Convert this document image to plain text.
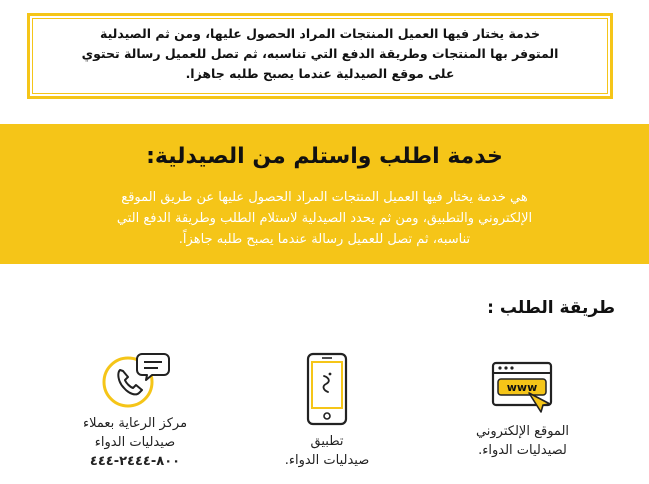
خدمة يختار فيها العميل المنتجات المراد الحصول عليها، ومن ثم الصيدلية
المتوفر بها المنتجات وطريقة الدفع التي تناسبه، ثم تصل للعميل رسالة تحتوي
على موقع الصيدلية عندما يصبح طلبه جاهزا.
خدمة اطلب واستلم من الصيدلية:
هي خدمة يختار فيها العميل المنتجات المراد الحصول عليها عن طريق الموقع
الإلكتروني والتطبيق، ومن ثم يحدد الصيدلية لاستلام الطلب وطريقة الدفع التي
تناسبه، ثم تصل للعميل رسالة عندما يصبح طلبه جاهزاً.
طريقة الطلب :
www
الموقع الإلكتروني
لصيدليات الدواء.
تطبيق
صيدليات الدواء.
مركز الرعاية بعملاء
صيدليات الدواء
٨٠٠-٢٤٤٤-٤٤٤
